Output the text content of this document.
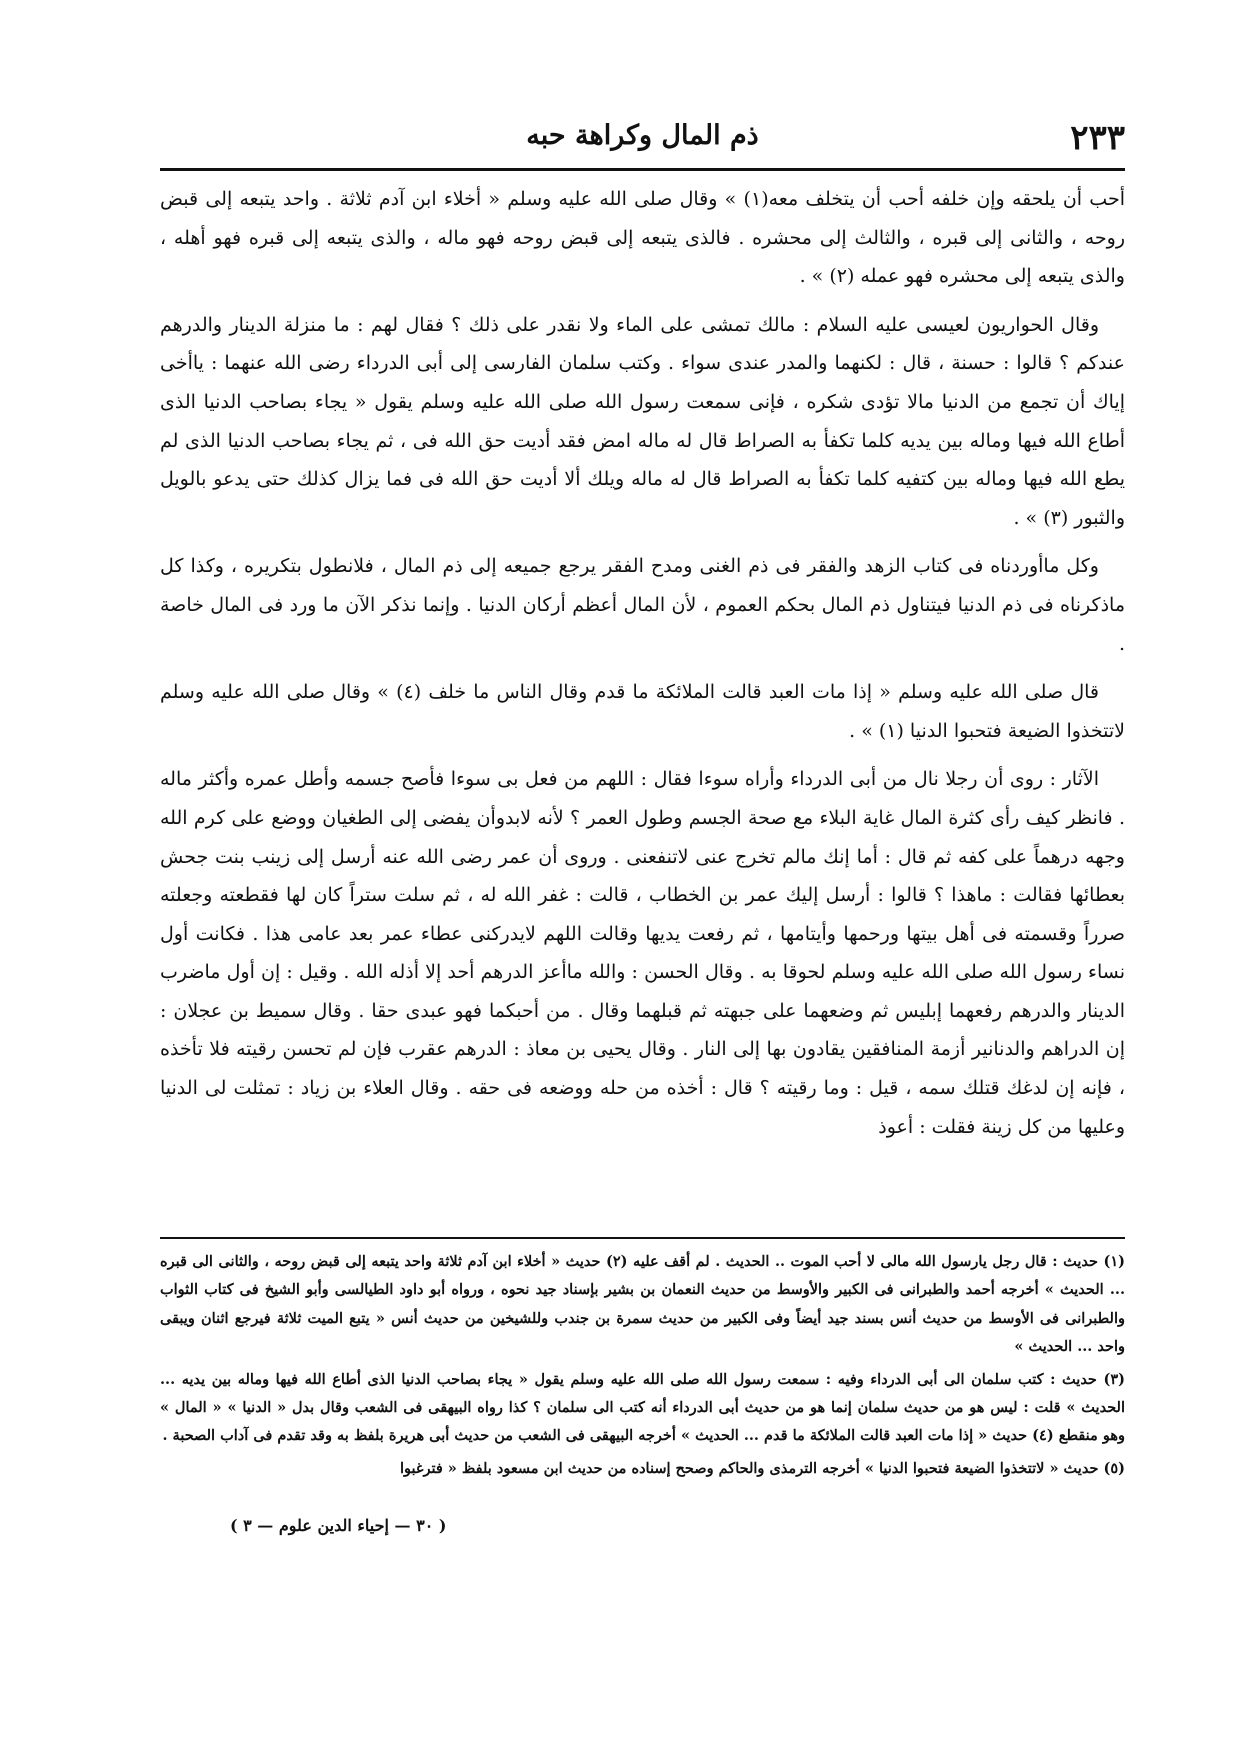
ذم المال وكراهة حبه	٢٣٣

أحب أن يلحقه وإن خلفه أحب أن يتخلف معه(١) » وقال صلى الله عليه وسلم « أخلاء ابن آدم ثلاثة . واحد يتبعه إلى قبض روحه ، والثانى إلى قبره ، والثالث إلى محشره . فالذى يتبعه إلى قبض روحه فهو ماله ، والذى يتبعه إلى قبره فهو أهله ، والذى يتبعه إلى محشره فهو عمله (٢) » .

وقال الحواريون لعيسى عليه السلام : مالك تمشى على الماء ولا نقدر على ذلك ؟ فقال لهم : ما منزلة الدينار والدرهم عندكم ؟ قالوا : حسنة ، قال : لكنهما والمدر عندى سواء . وكتب سلمان الفارسى إلى أبى الدرداء رضى الله عنهما : ياأخى إياك أن تجمع من الدنيا مالا تؤدى شكره ، فإنى سمعت رسول الله صلى الله عليه وسلم يقول « يجاء بصاحب الدنيا الذى أطاع الله فيها وماله بين يديه كلما تكفأ به الصراط قال له ماله امض فقد أديت حق الله فى ، ثم يجاء بصاحب الدنيا الذى لم يطع الله فيها وماله بين كتفيه كلما تكفأ به الصراط قال له ماله ويلك ألا أديت حق الله فى فما يزال كذلك حتى يدعو بالويل والثبور (٣) » .

وكل ماأوردناه فى كتاب الزهد والفقر فى ذم الغنى ومدح الفقر يرجع جميعه إلى ذم المال ، فلانطول بتكريره ، وكذا كل ماذكرناه فى ذم الدنيا فيتناول ذم المال بحكم العموم ، لأن المال أعظم أركان الدنيا . وإنما نذكر الآن ما ورد فى المال خاصة .

قال صلى الله عليه وسلم « إذا مات العبد قالت الملائكة ما قدم وقال الناس ما خلف (٤) » وقال صلى الله عليه وسلم لاتتخذوا الضيعة فتحبوا الدنيا (١) » .

الآثار : روى أن رجلا نال من أبى الدرداء وأراه سوءا فقال : اللهم من فعل بى سوءا فأصح جسمه وأطل عمره وأكثر ماله . فانظر كيف رأى كثرة المال غاية البلاء مع صحة الجسم وطول العمر ؟ لأنه لابدوأن يفضى إلى الطغيان ووضع على كرم الله وجهه درهماً على كفه ثم قال : أما إنك مالم تخرج عنى لاتنفعنى . وروى أن عمر رضى الله عنه أرسل إلى زينب بنت جحش بعطائها فقالت : ماهذا ؟ قالوا : أرسل إليك عمر بن الخطاب ، قالت : غفر الله له ، ثم سلت ستراً كان لها فقطعته وجعلته صرراً وقسمته فى أهل بيتها ورحمها وأيتامها ، ثم رفعت يديها وقالت اللهم لايدركنى عطاء عمر بعد عامى هذا . فكانت أول نساء رسول الله صلى الله عليه وسلم لحوقا به . وقال الحسن : والله ماأعز الدرهم أحد إلا أذله الله . وقيل : إن أول ماضرب الدينار والدرهم رفعهما إبليس ثم وضعهما على جبهته ثم قبلهما وقال . من أحبكما فهو عبدى حقا . وقال سميط بن عجلان : إن الدراهم والدنانير أزمة المنافقين يقادون بها إلى النار . وقال يحيى بن معاذ : الدرهم عقرب فإن لم تحسن رقيته فلا تأخذه ، فإنه إن لدغك قتلك سمه ، قيل : وما رقيته ؟ قال : أخذه من حله ووضعه فى حقه . وقال العلاء بن زياد : تمثلت لى الدنيا وعليها من كل زينة فقلت : أعوذ

(١) حديث : قال رجل يارسول الله مالى لا أحب الموت .. الحديث . لم أقف عليه (٢) حديث « أخلاء ابن آدم ثلاثة واحد يتبعه إلى قبض روحه ، والثانى الى قبره ... الحديث » أخرجه أحمد والطبرانى فى الكبير والأوسط من حديث النعمان بن بشير بإسناد جيد نحوه ، ورواه أبو داود الطيالسى وأبو الشيخ فى كتاب الثواب والطبرانى فى الأوسط من حديث أنس بسند جيد أيضاً وفى الكبير من حديث سمرة بن جندب وللشيخين من حديث أنس « يتبع الميت ثلاثة فيرجع اثنان ويبقى واحد ... الحديث »

(٣) حديث : كتب سلمان الى أبى الدرداء وفيه : سمعت رسول الله صلى الله عليه وسلم يقول « يجاء بصاحب الدنيا الذى أطاع الله فيها وماله بين يديه ... الحديث » قلت : ليس هو من حديث سلمان إنما هو من حديث أبى الدرداء أنه كتب الى سلمان ؟ كذا رواه البيهقى فى الشعب وقال بدل « الدنيا » « المال » وهو منقطع (٤) حديث « إذا مات العبد قالت الملائكة ما قدم ... الحديث » أخرجه البيهقى فى الشعب من حديث أبى هريرة بلفظ به وقد تقدم فى آداب الصحبة .

(٥) حديث « لاتتخذوا الضيعة فتحبوا الدنيا » أخرجه الترمذى والحاكم وصحح إسناده من حديث ابن مسعود بلفظ « فترغبوا

( ٣٠ — إحياء الدين علوم — ٣ )
